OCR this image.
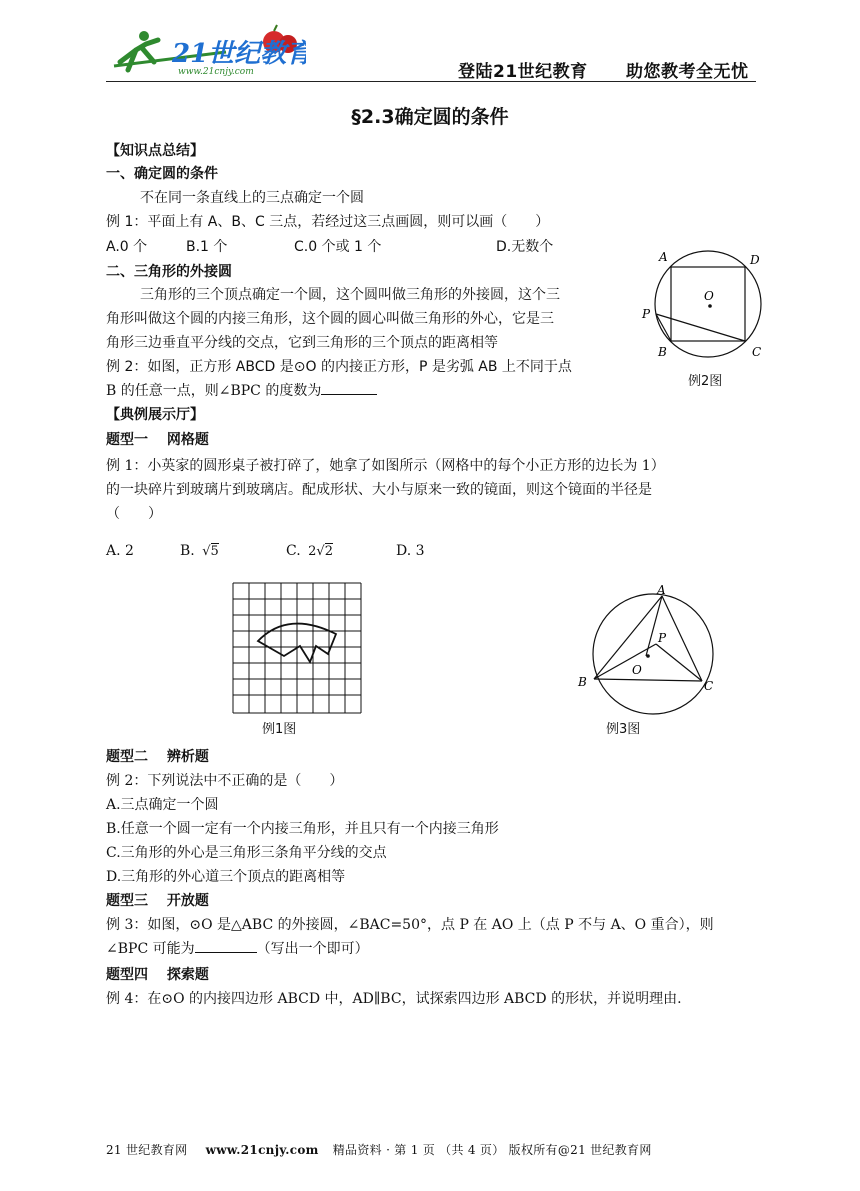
21世纪教育
www.21cnjy.com	登陆21世纪教育 助您教考全无忧
§2.3确定圆的条件
【知识点总结】
一、确定圆的条件
不在同一条直线上的三点确定一个圆
例 1：平面上有 A、B、C 三点，若经过这三点画圆，则可以画（　　）
A.0 个	B.1 个	C.0 个或 1 个	D.无数个
二、三角形的外接圆
三角形的三个顶点确定一个圆，这个圆叫做三角形的外接圆，这个三
角形叫做这个圆的内接三角形，这个圆的圆心叫做三角形的外心，它是三
角形三边垂直平分线的交点，它到三角形的三个顶点的距离相等
例 2：如图，正方形 ABCD 是⊙O 的内接正方形，P 是劣弧 AB 上不同于点
B 的任意一点，则∠BPC 的度数为
A	D
O
P
B	C
例2图
【典例展示厅】
题型一　 网格题
例 1：小英家的圆形桌子被打碎了，她拿了如图所示（网格中的每个小正方形的边长为 1）
的一块碎片到玻璃片到玻璃店。配成形状、大小与原来一致的镜面，则这个镜面的半径是
（　　）
A. 2	B. √5	C. 2√2	D. 3
例1图
A
P
O
B	C
例3图
题型二　 辨析题
例 2：下列说法中不正确的是（　　）
A.三点确定一个圆
B.任意一个圆一定有一个内接三角形，并且只有一个内接三角形
C.三角形的外心是三角形三条角平分线的交点
D.三角形的外心道三个顶点的距离相等
题型三　 开放题
例 3：如图，⊙O 是△ABC 的外接圆，∠BAC=50°，点 P 在 AO 上（点 P 不与 A、O 重合），则
∠BPC 可能为	（写出一个即可）
题型四　 探索题
例 4：在⊙O 的内接四边形 ABCD 中，AD∥BC，试探索四边形 ABCD 的形状，并说明理由.
21 世纪教育网 www.21cnjy.com 精品资料 · 第 1 页 （共 4 页） 版权所有@21 世纪教育网
